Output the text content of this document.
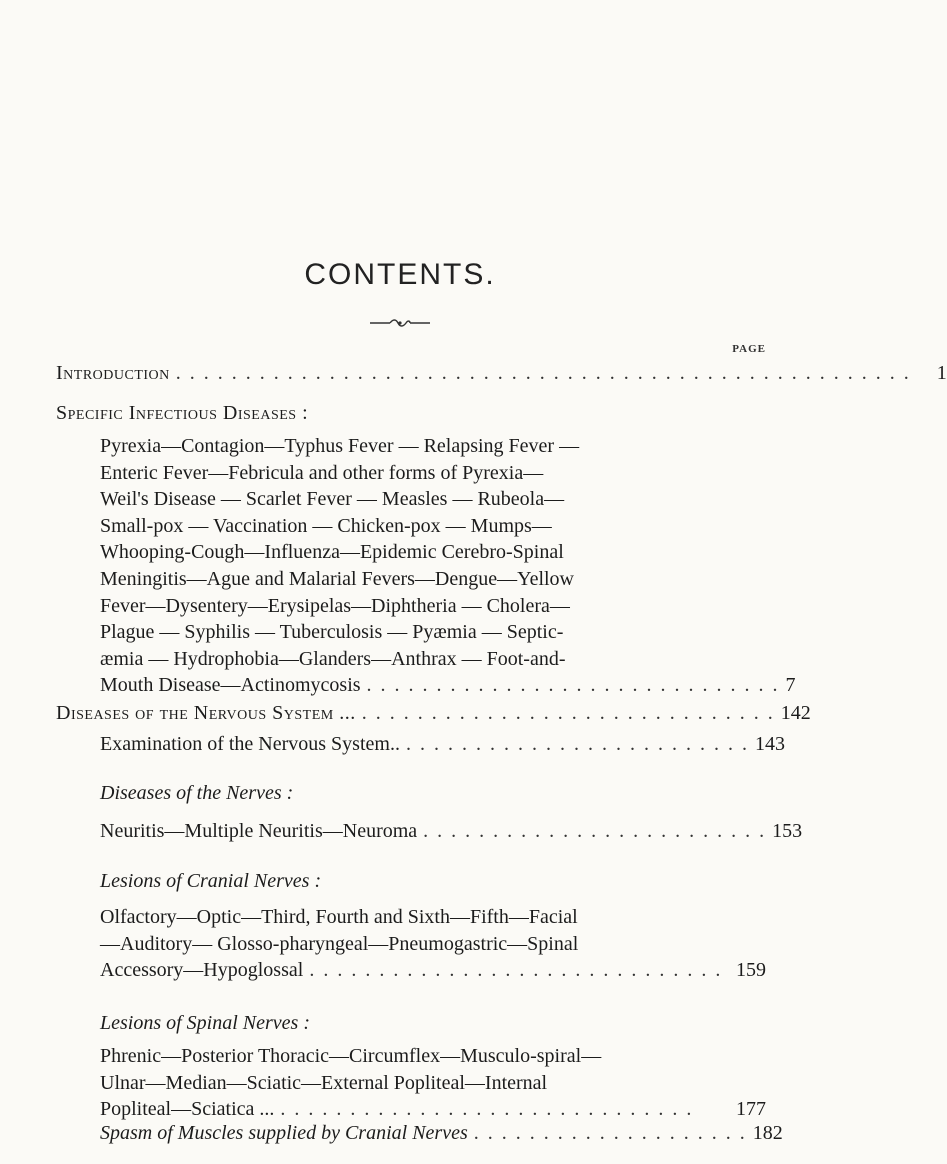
CONTENTS.
PAGE
Introduction . . . . . . . . . . . . . . . . . . . . . . . . . . . . . . . . . . . . . . . . . . . . . . . . . . . . .	1
Specific Infectious Diseases :
Pyrexia—Contagion—Typhus Fever — Relapsing Fever —
Enteric Fever—Febricula and other forms of Pyrexia—
Weil's Disease — Scarlet Fever — Measles — Rubeola—
Small-pox — Vaccination — Chicken-pox — Mumps—
Whooping-Cough—Influenza—Epidemic Cerebro-Spinal
Meningitis—Ague and Malarial Fevers—Dengue—Yellow
Fever—Dysentery—Erysipelas—Diphtheria — Cholera—
Plague — Syphilis — Tuberculosis — Pyæmia — Septic-
æmia — Hydrophobia—Glanders—Anthrax — Foot-and-
Mouth Disease—Actinomycosis . . . . . . . . . . . . . . . . . . . . . . . . . . . . . . 7
Diseases of the Nervous System ... . . . . . . . . . . . . . . . . . . . . . . . . . . . . . . 142
Examination of the Nervous System.. . . . . . . . . . . . . . . . . . . . . . . . . . 143
Diseases of the Nerves :
Neuritis—Multiple Neuritis—Neuroma . . . . . . . . . . . . . . . . . . . . . . . . . 153
Lesions of Cranial Nerves :
Olfactory—Optic—Third, Fourth and Sixth—Fifth—Facial
—Auditory— Glosso-pharyngeal—Pneumogastric—Spinal
Accessory—Hypoglossal . . . . . . . . . . . . . . . . . . . . . . . . . . . . . . 159
Lesions of Spinal Nerves :
Phrenic—Posterior Thoracic—Circumflex—Musculo-spiral—
Ulnar—Median—Sciatic—External Popliteal—Internal
Popliteal—Sciatica ... . . . . . . . . . . . . . . . . . . . . . . . . . . . . . .	177
Spasm of Muscles supplied by Cranial Nerves . . . . . . . . . . . . . . . . . . . . 182
